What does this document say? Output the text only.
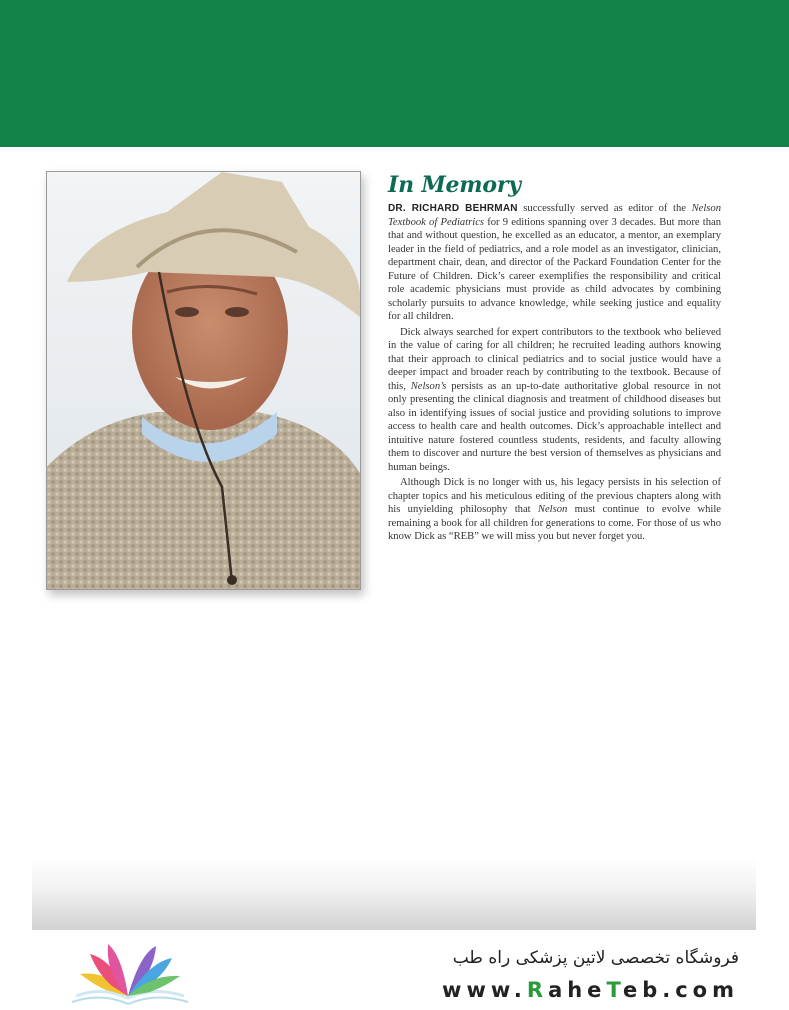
In Memory

DR. RICHARD BEHRMAN successfully served as editor of the Nelson Textbook of Pediatrics for 9 editions spanning over 3 decades. But more than that and without question, he excelled as an educator, a mentor, an exemplary leader in the field of pediatrics, and a role model as an investigator, clinician, department chair, dean, and director of the Packard Foundation Center for the Future of Children. Dick’s career exemplifies the responsibility and critical role academic physicians must provide as child advocates by combining scholarly pursuits to advance knowledge, while seeking justice and equality for all children.

Dick always searched for expert contributors to the textbook who believed in the value of caring for all children; he recruited leading authors knowing that their approach to clinical pediatrics and to social justice would have a deeper impact and broader reach by contributing to the textbook. Because of this, Nelson’s persists as an up-to-date authoritative global resource in not only presenting the clinical diagnosis and treatment of childhood diseases but also in identifying issues of social justice and providing solutions to improve access to health care and health outcomes. Dick’s approachable intellect and intuitive nature fostered countless students, residents, and faculty allowing them to discover and nurture the best version of themselves as physicians and human beings.

Although Dick is no longer with us, his legacy persists in his selection of chapter topics and his meticulous editing of the previous chapters along with his unyielding philosophy that Nelson must continue to evolve while remaining a book for all children for generations to come. For those of us who know Dick as “REB” we will miss you but never forget you.

فروشگاه تخصصی لاتین پزشکی راه طب
www.RaheTeb.com
